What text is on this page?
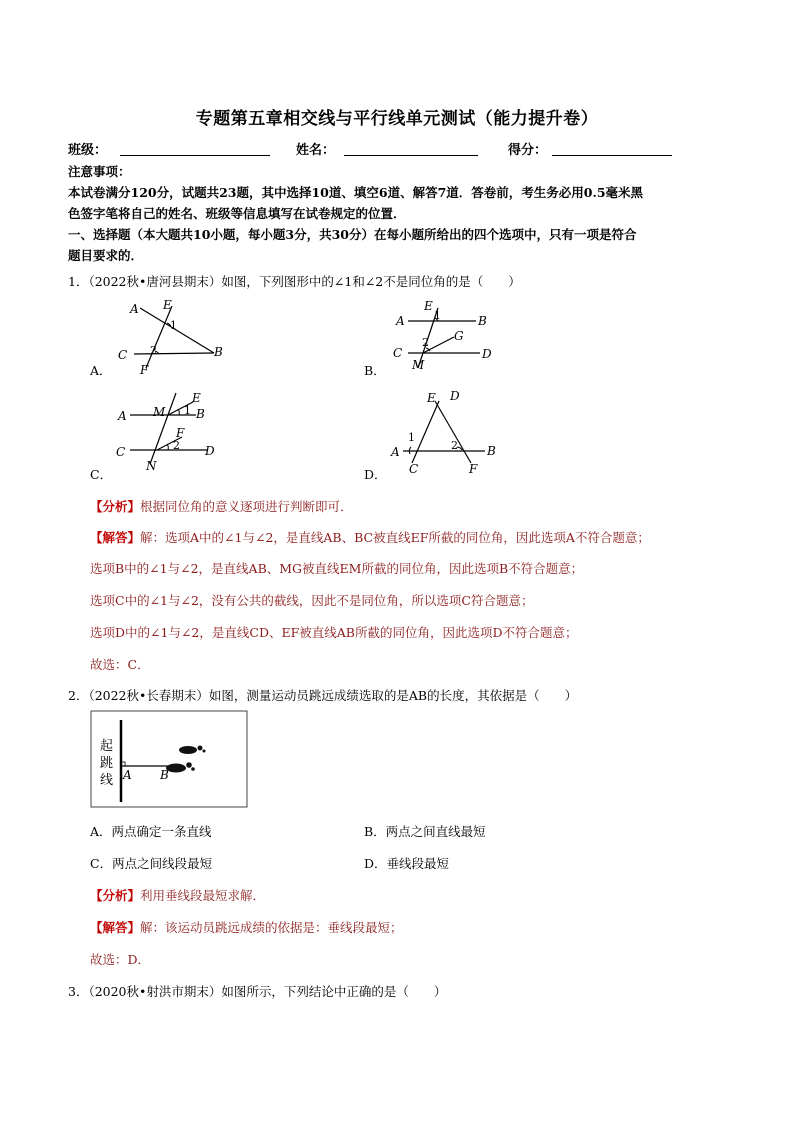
专题第五章相交线与平行线单元测试（能力提升卷）
班级：	姓名：	得分：
注意事项：
本试卷满分120分，试题共23题，其中选择10道、填空6道、解答7道．答卷前，考生务必用0.5毫米黑
色签字笔将自己的姓名、班级等信息填写在试卷规定的位置．
一、选择题（本大题共10小题，每小题3分，共30分）在每小题所给出的四个选项中，只有一项是符合
题目要求的．
1．（2022秋•唐河县期末）如图，下列图形中的∠1和∠2不是同位角的是（　　）
A．
A E
1
C 2	B
F	B．
E
A	1	B
G
2
C	D
M
C．
E
A M 1 B
F
2
C	D
N
D．
E D
1
2
A	B
C	F
【分析】根据同位角的意义逐项进行判断即可．
【解答】解：选项A中的∠1与∠2，是直线AB、BC被直线EF所截的同位角，因此选项A不符合题意；
选项B中的∠1与∠2，是直线AB、MG被直线EM所截的同位角，因此选项B不符合题意；
选项C中的∠1与∠2，没有公共的截线，因此不是同位角，所以选项C符合题意；
选项D中的∠1与∠2，是直线CD、EF被直线AB所截的同位角，因此选项D不符合题意；
故选：C．
2．（2022秋•长春期末）如图，测量运动员跳远成绩选取的是AB的长度，其依据是（　　）
起
跳
线 A B
A．两点确定一条直线	B．两点之间直线最短
C．两点之间线段最短	D．垂线段最短
【分析】利用垂线段最短求解．
【解答】解：该运动员跳远成绩的依据是：垂线段最短；
故选：D．
3．（2020秋•射洪市期末）如图所示，下列结论中正确的是（　　）
